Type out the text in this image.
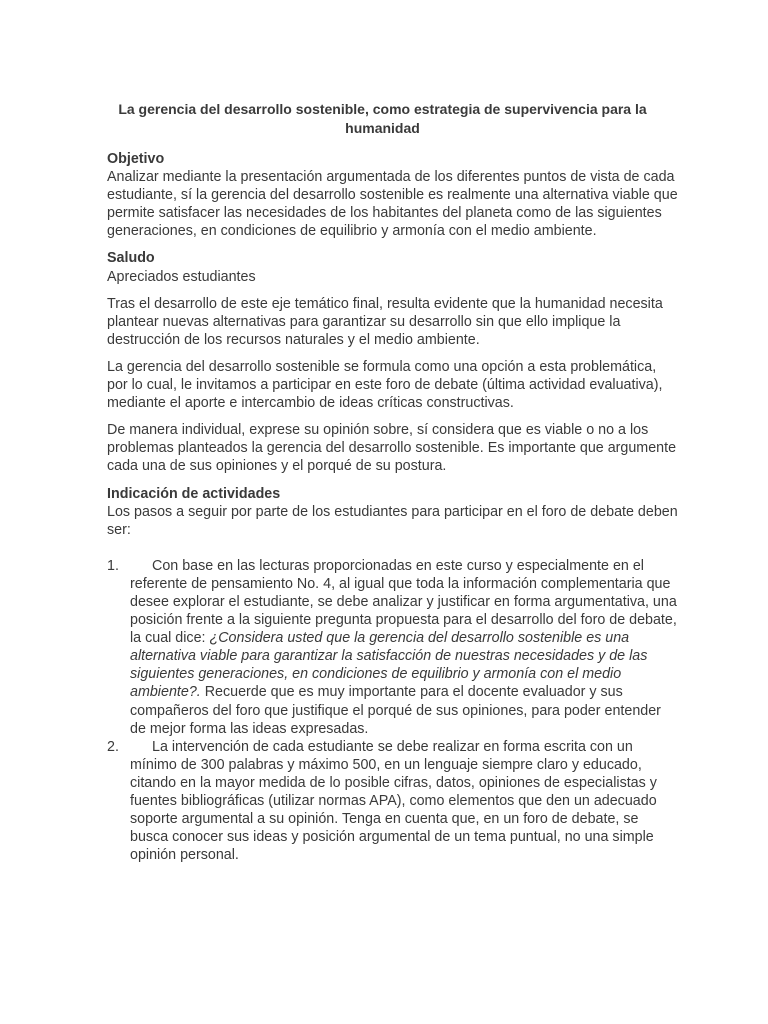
La gerencia del desarrollo sostenible, como estrategia de supervivencia para la humanidad

Objetivo

Analizar mediante la presentación argumentada de los diferentes puntos de vista de cada estudiante, sí la gerencia del desarrollo sostenible es realmente una alternativa viable que permite satisfacer las necesidades de los habitantes del planeta como de las siguientes generaciones, en condiciones de equilibrio y armonía con el medio ambiente.

Saludo

Apreciados estudiantes

Tras el desarrollo de este eje temático final, resulta evidente que la humanidad necesita plantear nuevas alternativas para garantizar su desarrollo sin que ello implique la destrucción de los recursos naturales y el medio ambiente.

La gerencia del desarrollo sostenible se formula como una opción a esta problemática, por lo cual, le invitamos a participar en este foro de debate (última actividad evaluativa), mediante el aporte e intercambio de ideas críticas constructivas.

De manera individual, exprese su opinión sobre, sí considera que es viable o no a los problemas planteados la gerencia del desarrollo sostenible. Es importante que argumente cada una de sus opiniones y el porqué de su postura.

Indicación de actividades

Los pasos a seguir por parte de los estudiantes para participar en el foro de debate deben ser:

1. Con base en las lecturas proporcionadas en este curso y especialmente en el referente de pensamiento No. 4, al igual que toda la información complementaria que desee explorar el estudiante, se debe analizar y justificar en forma argumentativa, una posición frente a la siguiente pregunta propuesta para el desarrollo del foro de debate, la cual dice: ¿Considera usted que la gerencia del desarrollo sostenible es una alternativa viable para garantizar la satisfacción de nuestras necesidades y de las siguientes generaciones, en condiciones de equilibrio y armonía con el medio ambiente?. Recuerde que es muy importante para el docente evaluador y sus compañeros del foro que justifique el porqué de sus opiniones, para poder entender de mejor forma las ideas expresadas.
2. La intervención de cada estudiante se debe realizar en forma escrita con un mínimo de 300 palabras y máximo 500, en un lenguaje siempre claro y educado, citando en la mayor medida de lo posible cifras, datos, opiniones de especialistas y fuentes bibliográficas (utilizar normas APA), como elementos que den un adecuado soporte argumental a su opinión. Tenga en cuenta que, en un foro de debate, se busca conocer sus ideas y posición argumental de un tema puntual, no una simple opinión personal.
